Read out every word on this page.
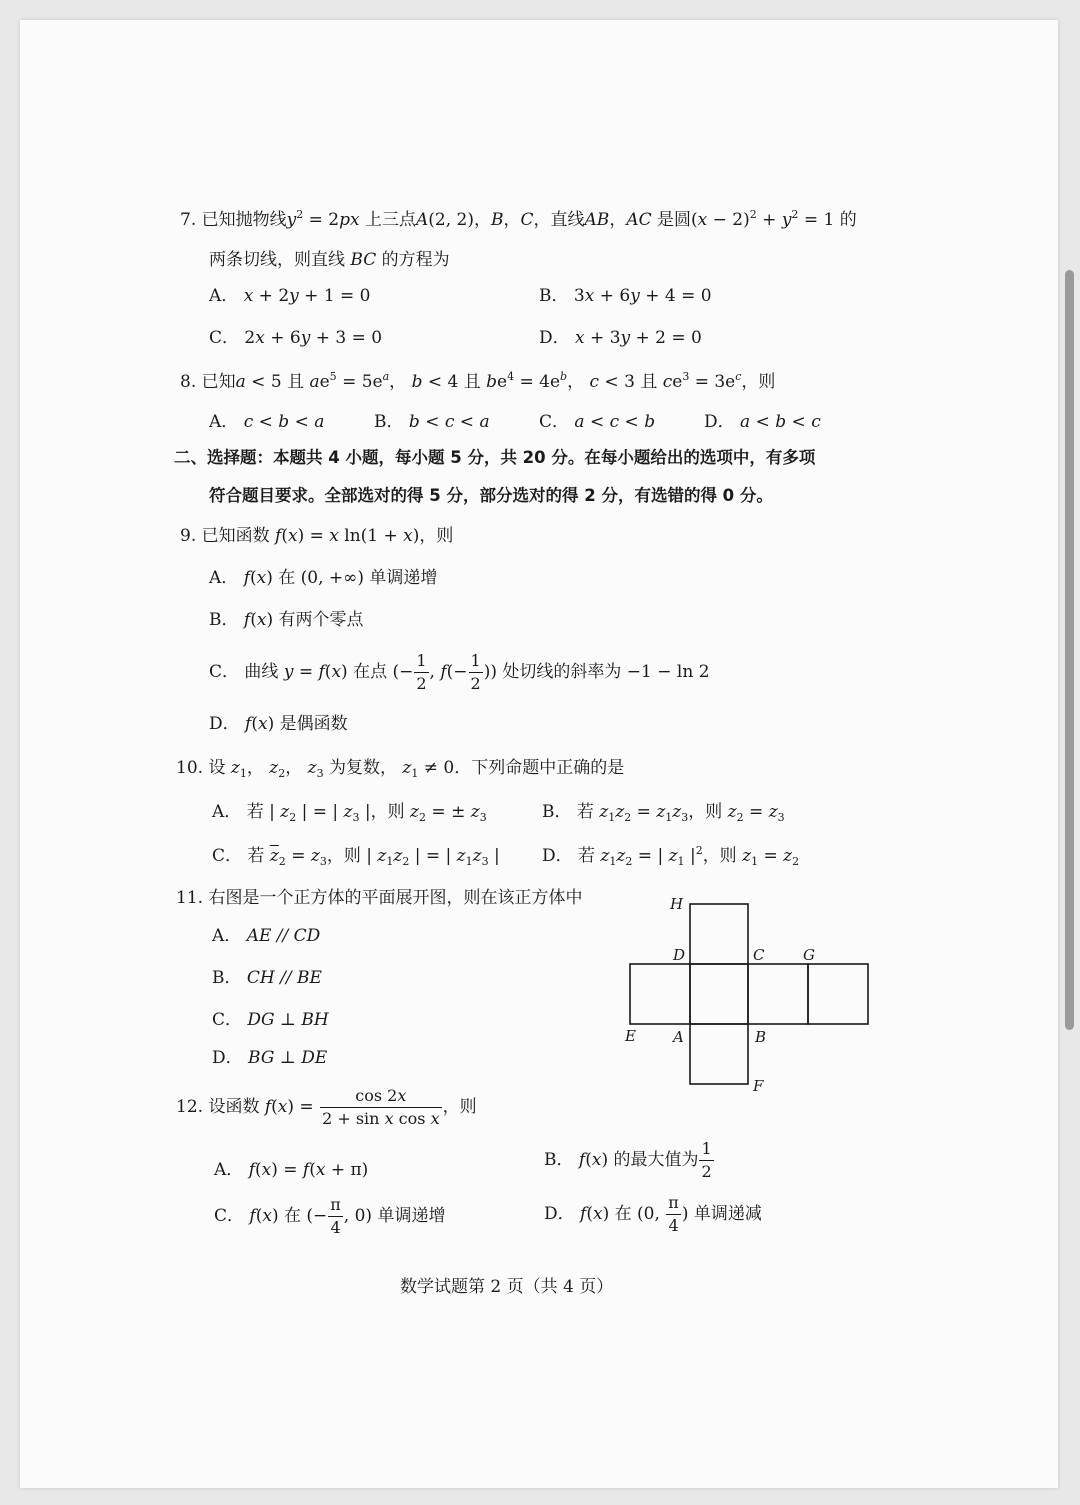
7. 已知抛物线$y^2 = 2px$ 上三点A(2, 2)，B，C，直线AB，AC 是圆$(x - 2)^2 + y^2 = 1$ 的
两条切线，则直线 BC 的方程为
A． x + 2y + 1 = 0	B． 3x + 6y + 4 = 0
C． 2x + 6y + 3 = 0	D． x + 3y + 2 = 0
8. 已知a < 5 且 $ae^5 = 5e^a$， b < 4 且 $be^4 = 4e^b$， c < 3 且 $ce^3 = 3e^c$，则
A． c < b < a	B． b < c < a	C． a < c < b	D． a < b < c
二、选择题：本题共 4 小题，每小题 5 分，共 20 分。在每小题给出的选项中，有多项
符合题目要求。全部选对的得 5 分，部分选对的得 2 分，有选错的得 0 分。
9. 已知函数 f(x) = x ln(1 + x)，则
A． f(x) 在 (0, +∞) 单调递增
B． f(x) 有两个零点
C． 曲线 y = f(x) 在点 (− $\frac{1}{2}$ , $f(- \frac{1}{2}$ )) 处切线的斜率为 −1 − ln 2
D． f(x) 是偶函数
10. 设 $z_1$， $z_2$， $z_3$ 为复数， $z_1 \ne 0$．下列命题中正确的是
A． 若 | $z_2$ | = | $z_3$ |，则 $z_2$ = ± $z_3$	B． 若 $z_1z_2 = z_1z_3$，则 $z_2 = z_3$
C． 若 $\overline{z}_2 = z_3$，则 | $z_1z_2$ | = | $z_1z_3$ | D． 若 $z_1z_2$ = | $z_1$ $|^2$，则 $z_1 = z_2$
11. 右图是一个正方体的平面展开图，则在该正方体中
A． AE // CD
B． CH // BE
C． DG ⊥ BH
D． BG ⊥ DE
H
D	C	G
E A	B
F
12. 设函数 $f(x) = \frac{\cos 2x}{\text{2 + sin x cos x}}$ ，则
A． f(x) = f(x + π)	B． f(x) 的最大值为 $\frac{1}{2}$
C． f(x) 在 (− $\frac{\pi}{4}$ , 0) 单调递增	D． f(x) 在 (0, $\frac{\pi}{4}$ ) 单调递减
数学试题第 2 页（共 4 页）
